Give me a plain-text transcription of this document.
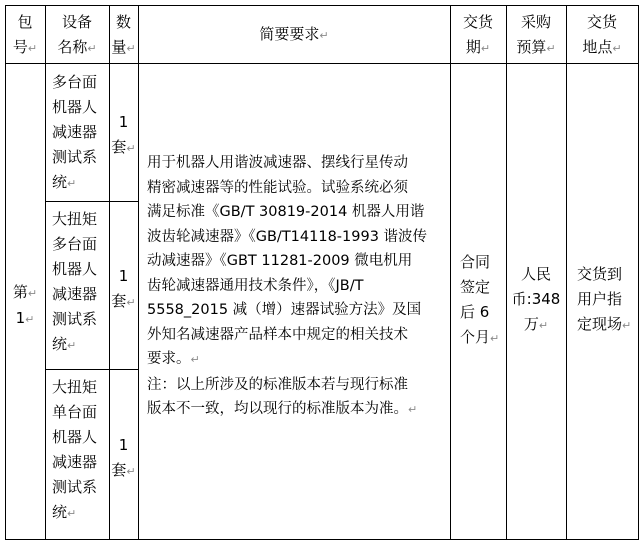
包
号↵
设备
名称↵
数
量↵
简要要求↵
交货
期↵
采购
预算↵
交货
地点↵
第↵
1↵
多台面
机器人
减速器
测试系
统↵
1
套↵
大扭矩
多台面
机器人
减速器
测试系
统↵
1
套↵
大扭矩
单台面
机器人
减速器
测试系
统↵
1
套↵

用于机器人用谐波减速器、摆线行星传动

精密减速器等的性能试验。试验系统必须

满足标准《GB/T 30819-2014 机器人用谐

波齿轮减速器》《GB/T14118-1993 谐波传

动减速器》《GBT 11281-2009 微电机用

齿轮减速器通用技术条件》，《JB/T

5558_2015 减（增）速器试验方法》及国

外知名减速器产品样本中规定的相关技术

要求。↵

注：以上所涉及的标准版本若与现行标准

版本不一致，均以现行的标准版本为准。↵

合同
签定
后 6
个月↵
人民
币:348
万↵
交货到
用户指
定现场↵
